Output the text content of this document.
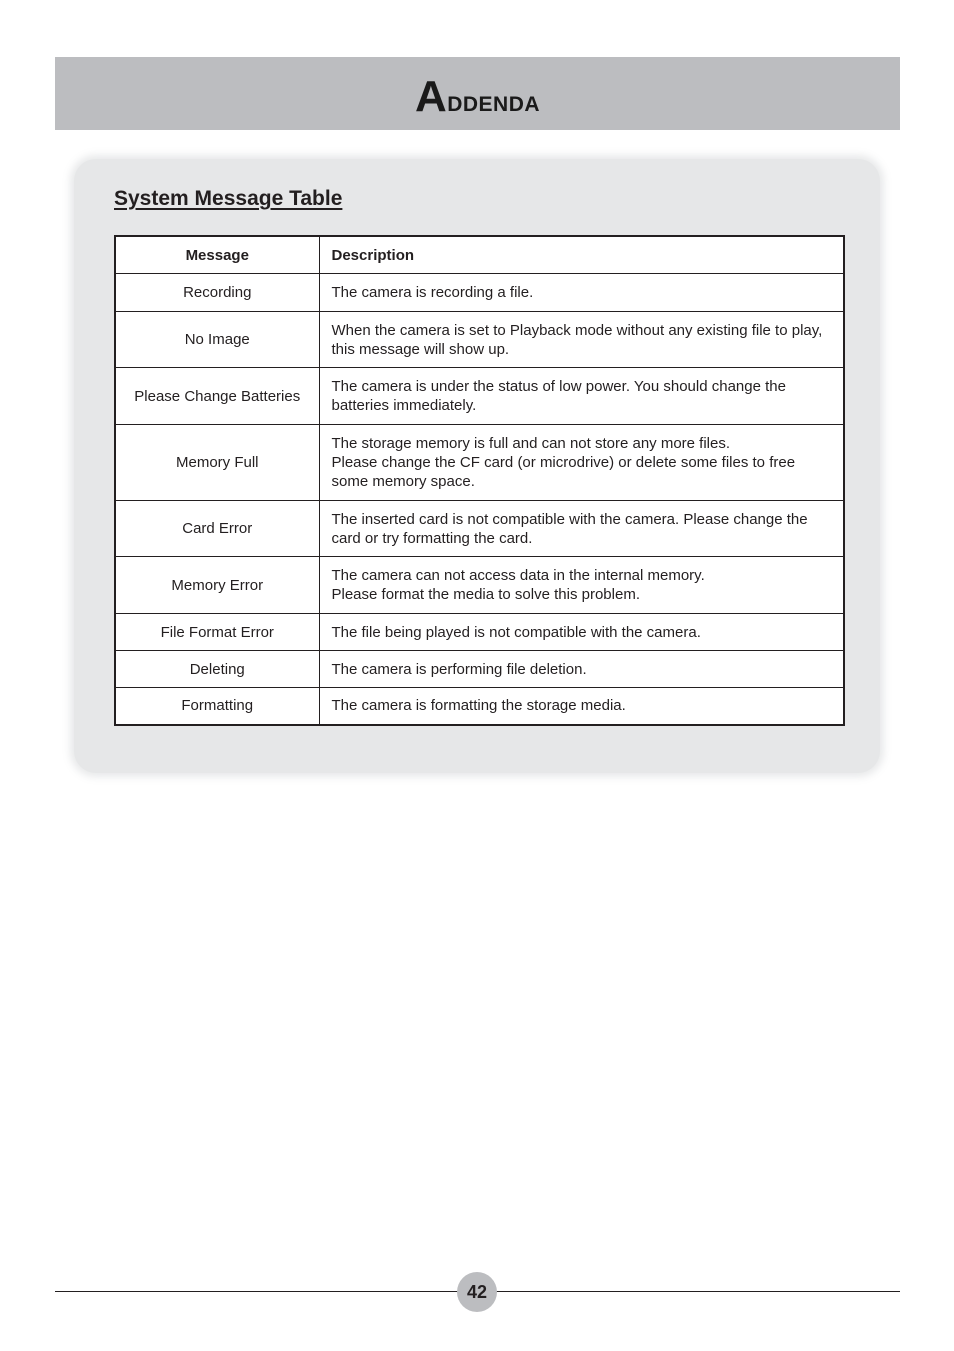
Addenda
System Message Table
Message	Description
Recording	The camera is recording a file.
No Image	When the camera is set to Playback mode without any existing file to play, this message will show up.
Please Change Batteries	The camera is under the status of low power. You should change the batteries immediately.
Memory Full	The storage memory is full and can not store any more files.
Please change the CF card (or microdrive) or delete some files to free some memory space.
Card Error	The inserted card is not compatible with the camera. Please change the card or try formatting the card.
Memory Error	The camera can not access data in the internal memory.
Please format the media to solve this problem.
File Format Error	The file being played is not compatible with the camera.
Deleting	The camera is performing file deletion.
Formatting	The camera is formatting the storage media.
42
